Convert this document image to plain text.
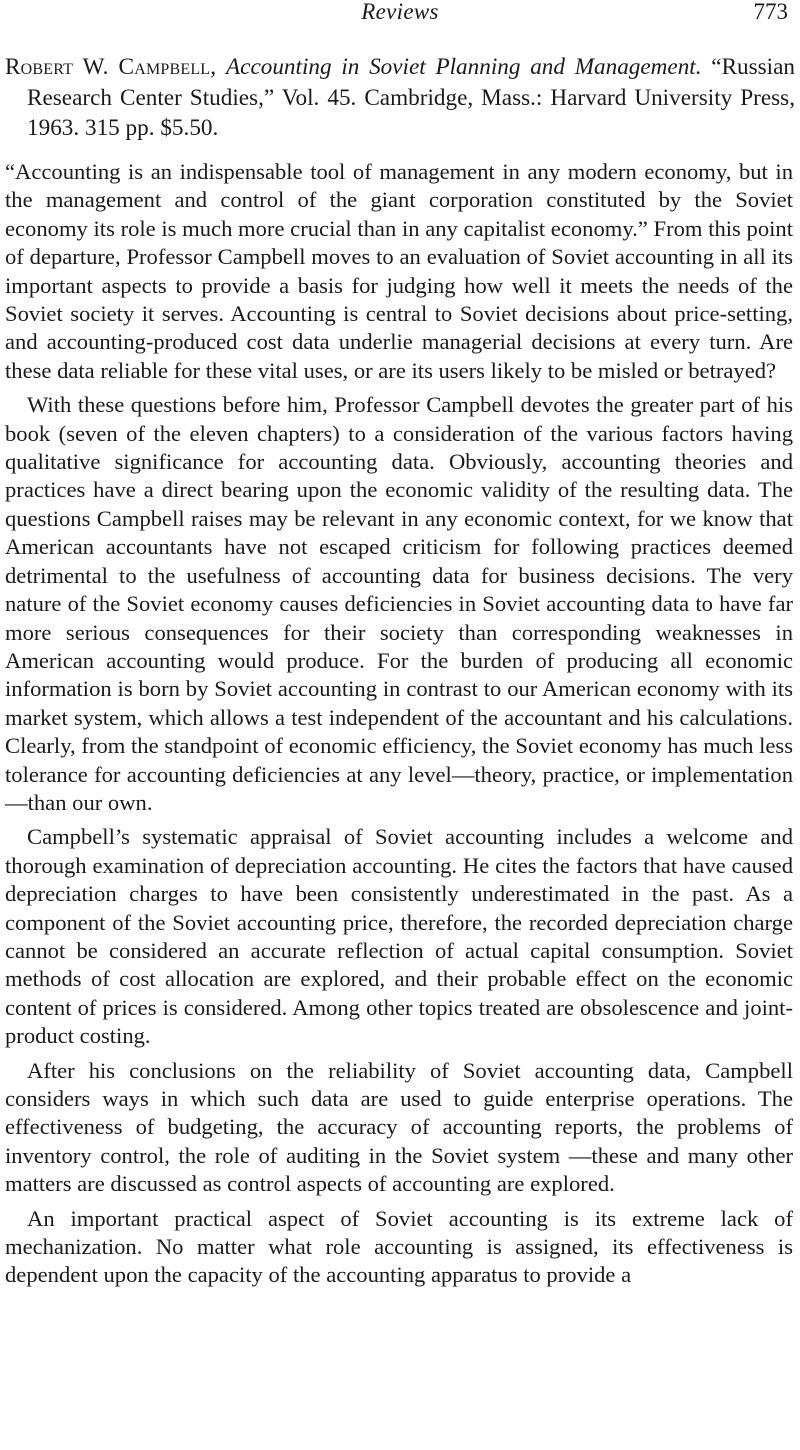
Reviews	773
Robert W. Campbell, Accounting in Soviet Planning and Management. “Russian Research Center Studies,” Vol. 45. Cambridge, Mass.: Harvard University Press, 1963. 315 pp. $5.50.

“Accounting is an indispensable tool of management in any modern economy, but in the management and control of the giant corporation constituted by the Soviet economy its role is much more crucial than in any capitalist economy.” From this point of departure, Professor Campbell moves to an evaluation of Soviet accounting in all its important aspects to provide a basis for judging how well it meets the needs of the Soviet society it serves. Accounting is central to Soviet decisions about price-setting, and accounting-produced cost data underlie managerial decisions at every turn. Are these data reliable for these vital uses, or are its users likely to be misled or betrayed?

With these questions before him, Professor Campbell devotes the greater part of his book (seven of the eleven chapters) to a consideration of the various factors having qualitative significance for accounting data. Obviously, accounting theories and practices have a direct bearing upon the economic validity of the resulting data. The questions Campbell raises may be relevant in any economic context, for we know that American accountants have not escaped criticism for following practices deemed detrimental to the usefulness of accounting data for business decisions. The very nature of the Soviet economy causes deficiencies in Soviet accounting data to have far more serious consequences for their society than corresponding weaknesses in American accounting would produce. For the burden of producing all economic information is born by Soviet accounting in contrast to our American economy with its market system, which allows a test independent of the accountant and his calculations. Clearly, from the standpoint of economic efficiency, the Soviet economy has much less tolerance for accounting deficiencies at any level—theory, practice, or implementation—than our own.

Campbell’s systematic appraisal of Soviet accounting includes a welcome and thorough examination of depreciation accounting. He cites the factors that have caused depreciation charges to have been consistently underestimated in the past. As a component of the Soviet accounting price, therefore, the recorded depreciation charge cannot be considered an accurate reflection of actual capital consumption. Soviet methods of cost allocation are explored, and their probable effect on the economic content of prices is considered. Among other topics treated are obsolescence and joint-product costing.

After his conclusions on the reliability of Soviet accounting data, Campbell considers ways in which such data are used to guide enterprise operations. The effectiveness of budgeting, the accuracy of accounting reports, the problems of inventory control, the role of auditing in the Soviet system —these and many other matters are discussed as control aspects of accounting are explored.

An important practical aspect of Soviet accounting is its extreme lack of mechanization. No matter what role accounting is assigned, its effectiveness is dependent upon the capacity of the accounting apparatus to provide a
